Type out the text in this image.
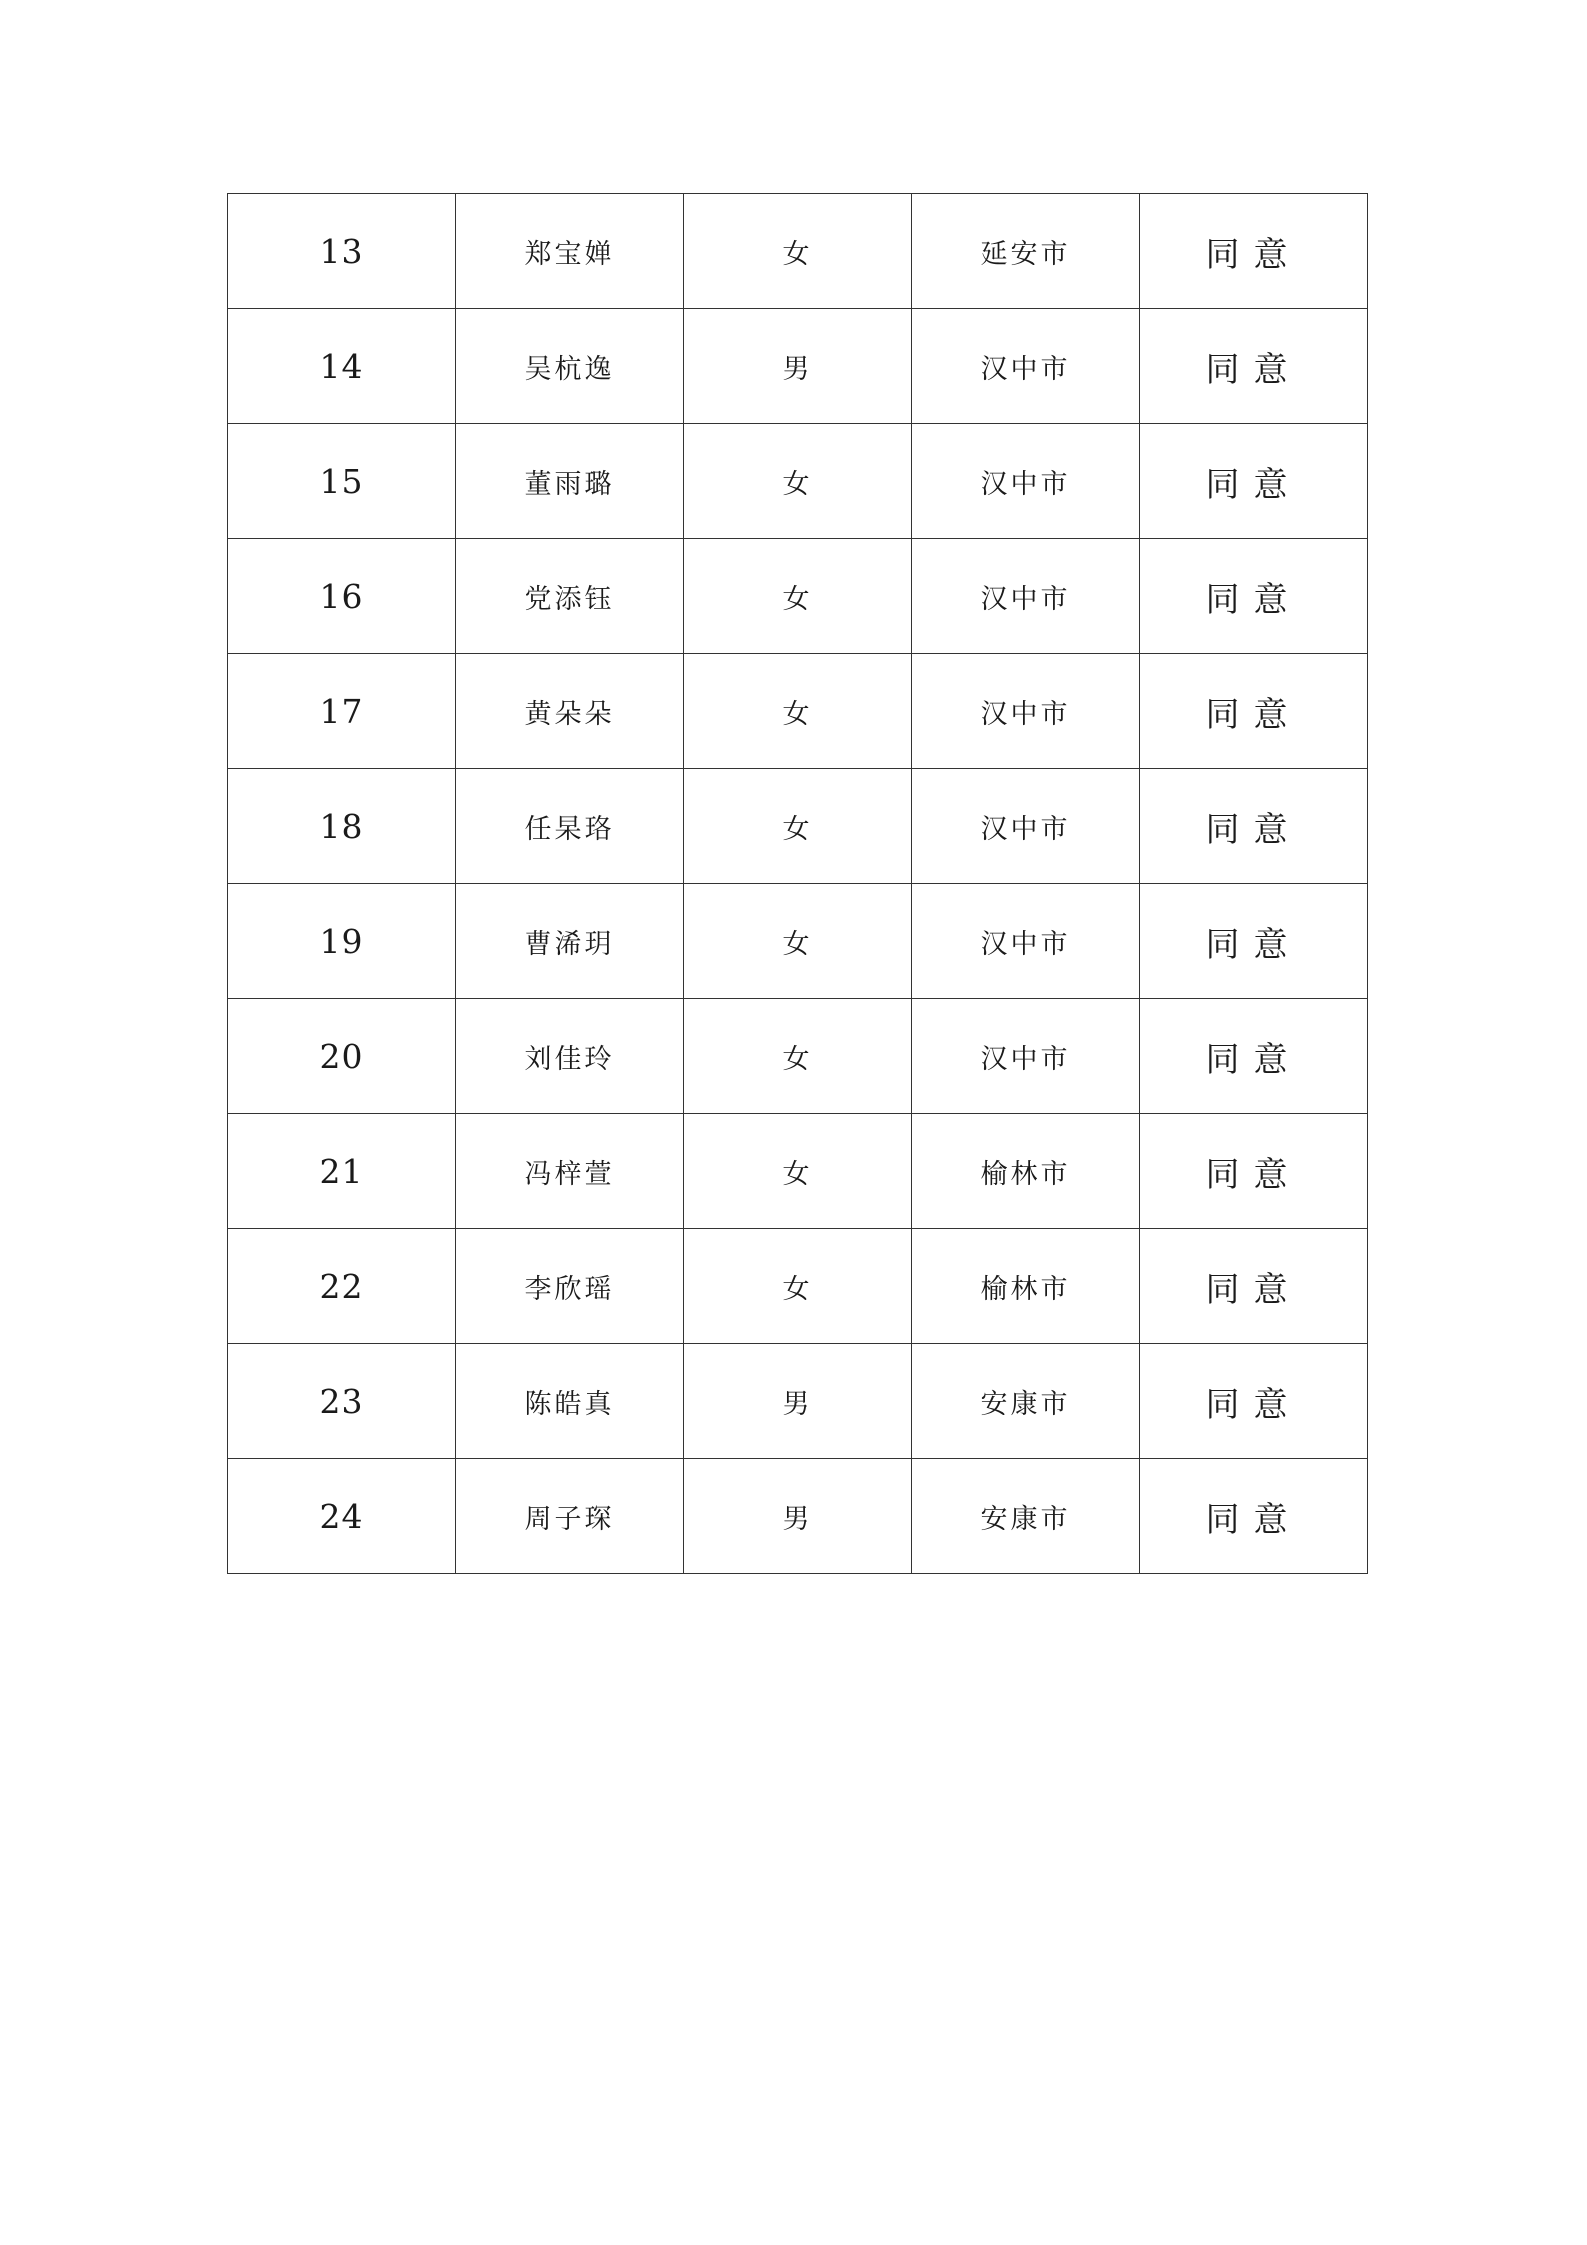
13	郑宝婵	女	延安市	同意
14	吴杭逸	男	汉中市	同意
15	董雨璐	女	汉中市	同意
16	党添钰	女	汉中市	同意
17	黄朵朵	女	汉中市	同意
18	任杲珞	女	汉中市	同意
19	曹浠玥	女	汉中市	同意
20	刘佳玲	女	汉中市	同意
21	冯梓萱	女	榆林市	同意
22	李欣瑶	女	榆林市	同意
23	陈皓真	男	安康市	同意
24	周子琛	男	安康市	同意
